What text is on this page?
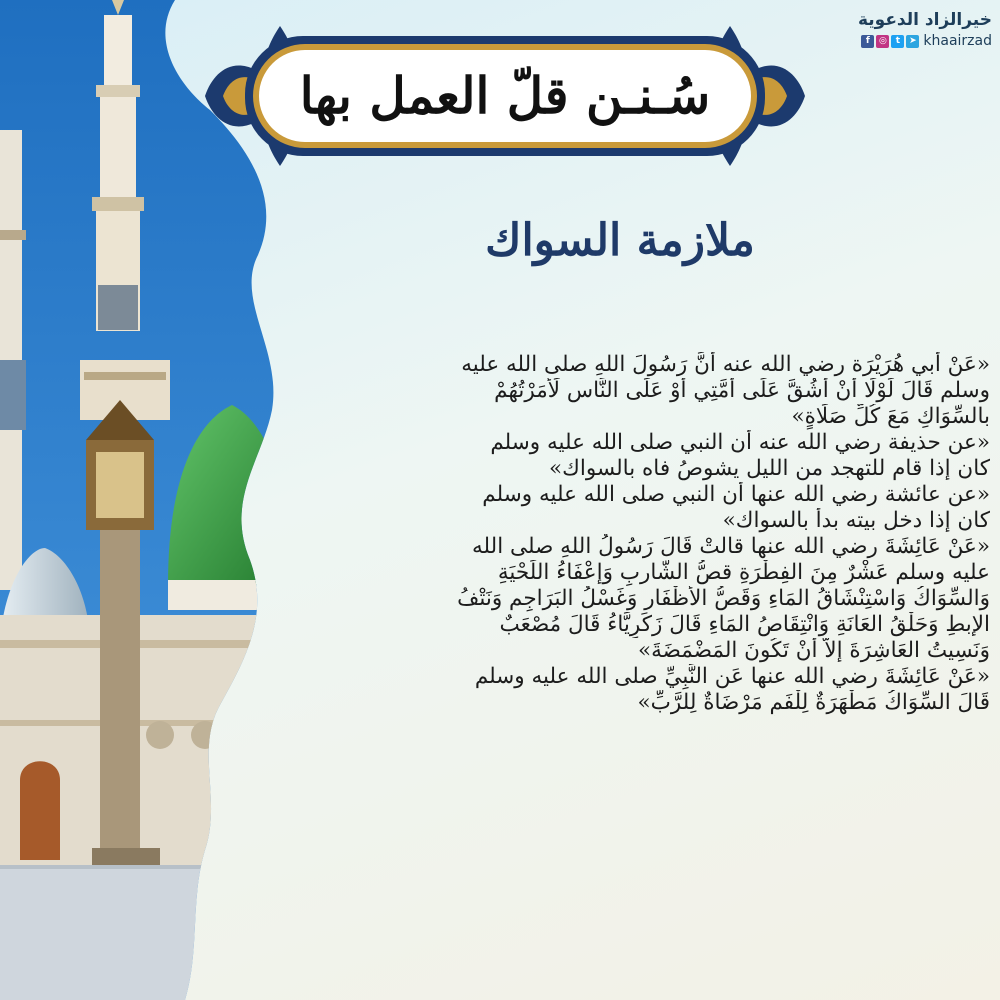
خيرالزاد الدعوية
f	◎ t	➤ khaairzad
سُـنـن قلّ العمل بها
ملازمة السواك
«عَنْ أبي هُرَيْرَة رضي الله عنه أَنَّ رَسُولَ اللهِ صلى الله عليه
وسلم قَالَ لَوْلَا أَنْ أَشُقَّ عَلَى أُمَّتِي أَوْ عَلَى النَّاس لَأَمَرْتُهُمْ
بالسِّوَاكِ مَعَ كُلِّ صَلَاةٍ»
«عن حذيفة رضي الله عنه أن النبي صلى الله عليه وسلم
كان إذا قام للتهجد من الليل يشوصُ فاه بالسواك»
«عن عائشة رضي الله عنها أن النبي صلى الله عليه وسلم
كان إذا دخل بيته بدأ بالسواك»
«عَنْ عَائِشَةَ رضي الله عنها قالتْ قَالَ رَسُولُ اللهِ صلى الله
عليه وسلم عَشْرٌ مِنَ الفِطْرَةِ قصُّ الشَّاربِ وَإعْفَاءُ اللِّحْيَةِ
وَالسِّوَاكُ وَاسْتِنْشَاقُ المَاءِ وَقَصُّ الأظْفَار وَغَسْلُ البَرَاجِمِ وَنَتْفُ
الإبطِ وَحَلْقُ العَانَةِ وَانْتِقَاصُ المَاءِ قَالَ زَكَرِيَّاءُ قَالَ مُصْعَبٌ
وَنَسِيتُ العَاشِرَةَ إلاَّ أَنْ تَكُونَ المَضْمَضَةَ»
«عَنْ عَائِشَةَ رضي الله عنها عَنِ النَّبِيِّ صلى الله عليه وسلم
قَالَ السِّوَاكُ مَطْهَرَةٌ لِلْفَمِ مَرْضَاةٌ لِلرَّبِّ»
